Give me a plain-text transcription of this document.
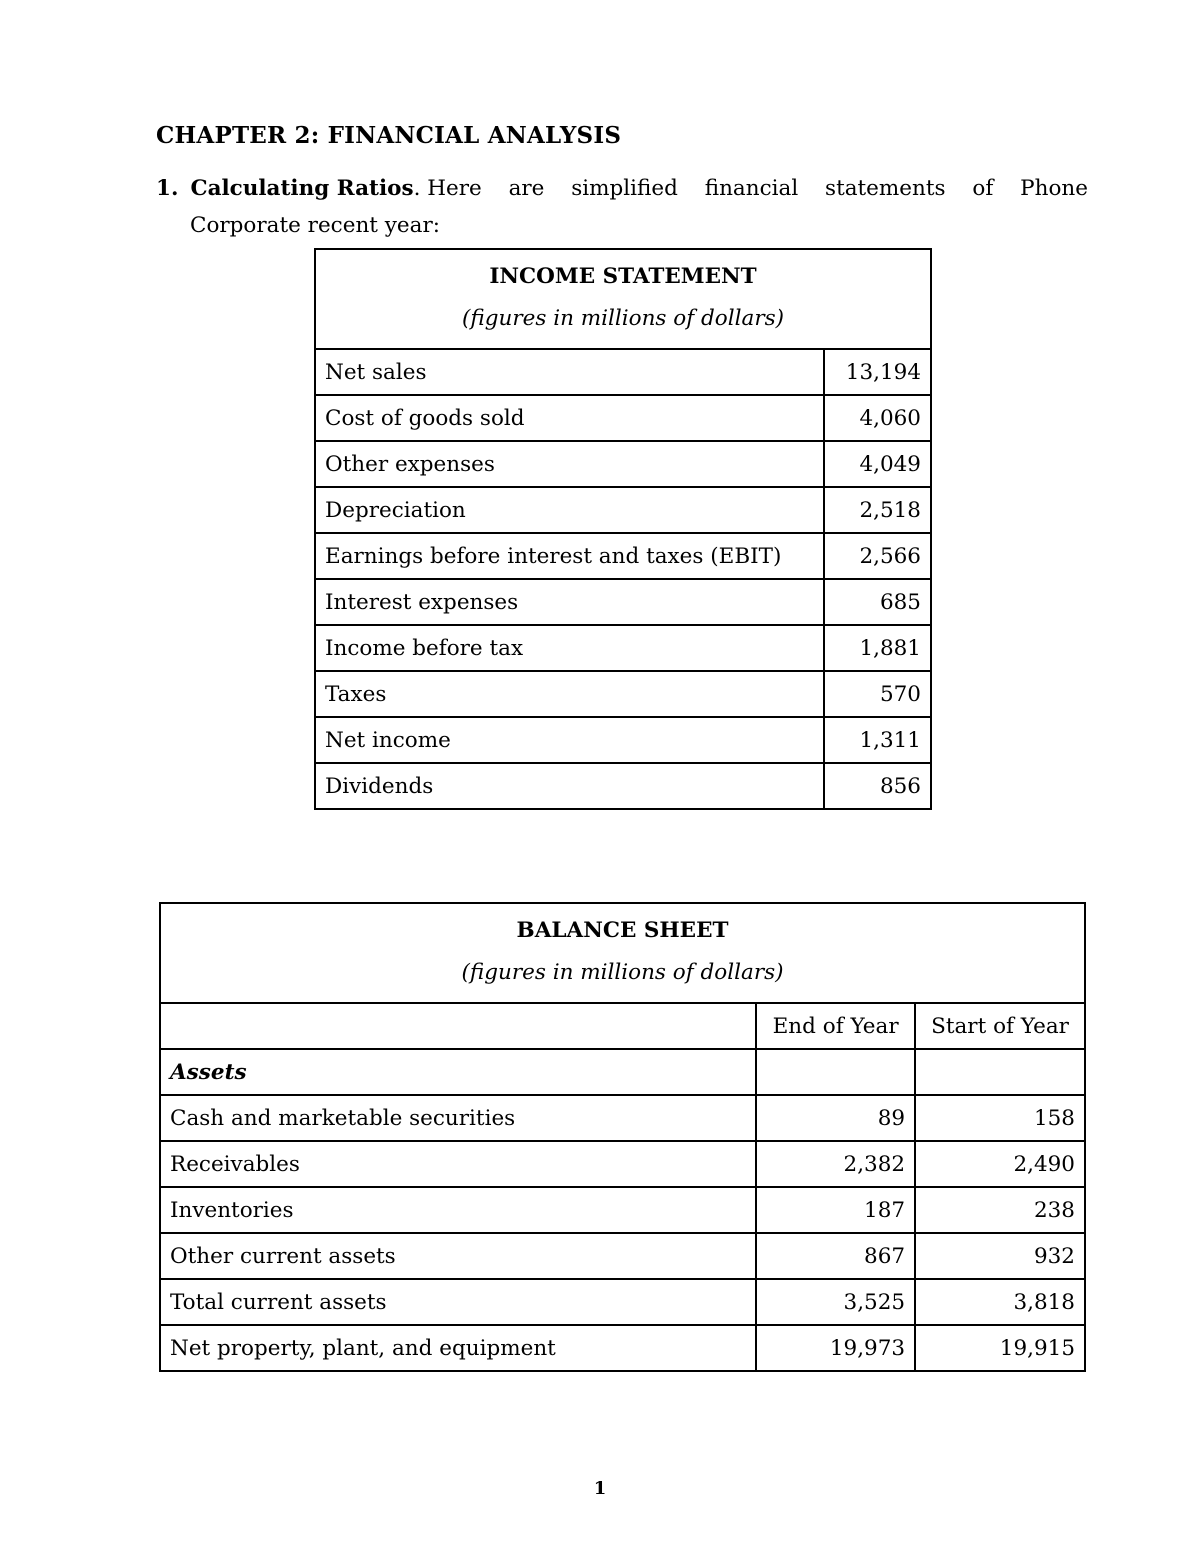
CHAPTER 2: FINANCIAL ANALYSIS
1. Calculating Ratios. Here are simplified financial statements of Phone
Corporate recent year:
INCOME STATEMENT
(figures in millions of dollars)	

Net sales	13,194
Cost of goods sold	4,060
Other expenses	4,049
Depreciation	2,518
Earnings before interest and taxes (EBIT)	2,566
Interest expenses	685
Income before tax	1,881
Taxes	570
Net income	1,311
Dividends	856
BALANCE SHEET
(figures in millions of dollars)		

	End of Year	Start of Year
Assets		
Cash and marketable securities	89	158
Receivables	2,382	2,490
Inventories	187	238
Other current assets	867	932
Total current assets	3,525	3,818
Net property, plant, and equipment	19,973	19,915
1
